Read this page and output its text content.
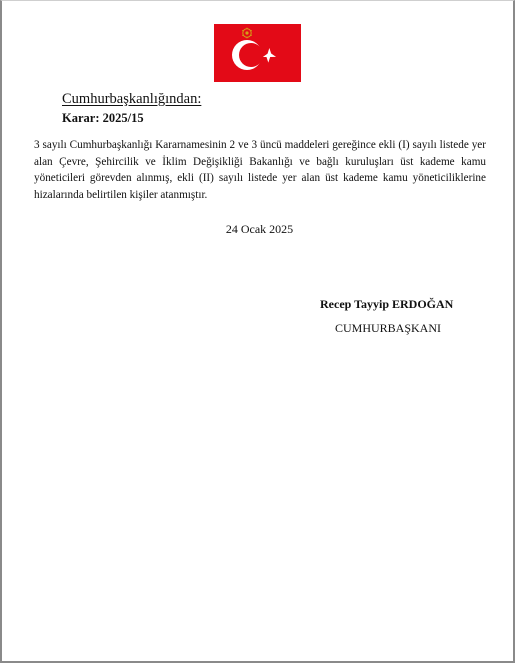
Cumhurbaşkanlığından:
Karar: 2025/15

3 sayılı Cumhurbaşkanlığı Kararnamesinin 2 ve 3 üncü maddeleri gereğince ekli (I) sayılı listede yer alan Çevre, Şehircilik ve İklim Değişikliği Bakanlığı ve bağlı kuruluşları üst kademe kamu yöneticileri görevden alınmış, ekli (II) sayılı listede yer alan üst kademe kamu yöneticiliklerine hizalarında belirtilen kişiler atanmıştır.

24 Ocak 2025
Recep Tayyip ERDOĞAN
CUMHURBAŞKANI
